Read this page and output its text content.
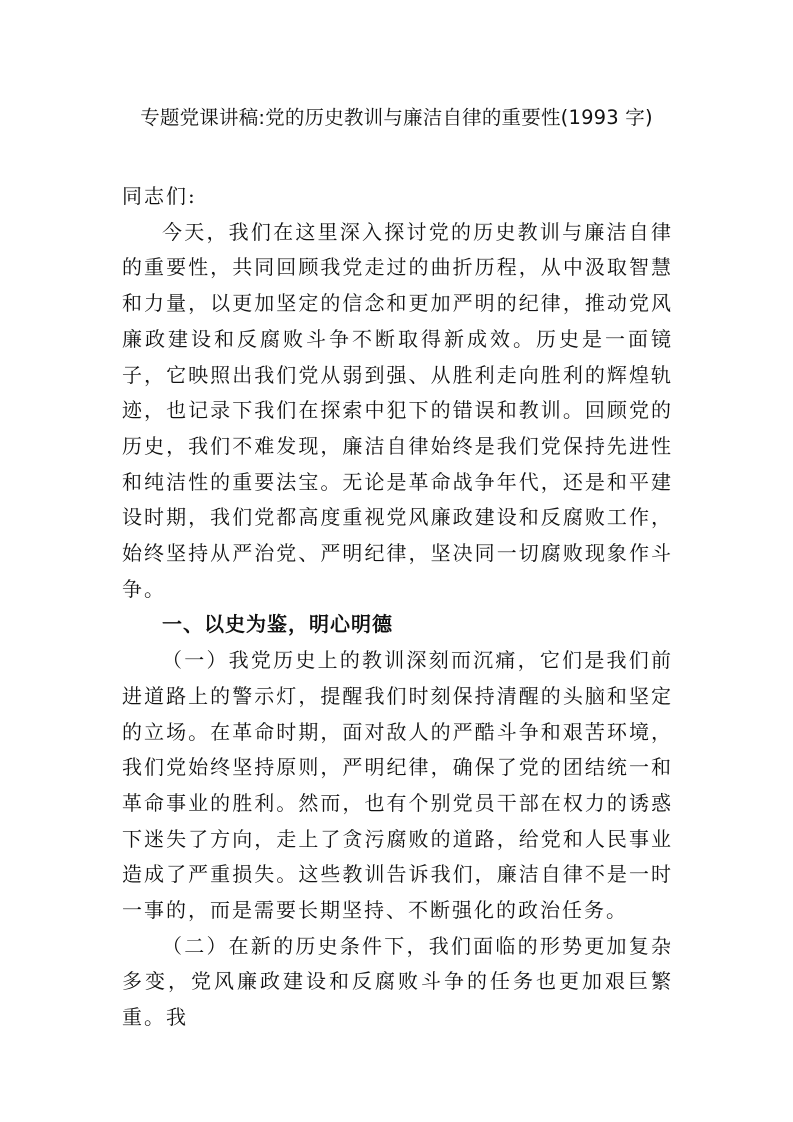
专题党课讲稿:党的历史教训与廉洁自律的重要性(1993 字)

同志们:

今天，我们在这里深入探讨党的历史教训与廉洁自律的重要性，共同回顾我党走过的曲折历程，从中汲取智慧和力量，以更加坚定的信念和更加严明的纪律，推动党风廉政建设和反腐败斗争不断取得新成效。历史是一面镜子，它映照出我们党从弱到强、从胜利走向胜利的辉煌轨迹，也记录下我们在探索中犯下的错误和教训。回顾党的历史，我们不难发现，廉洁自律始终是我们党保持先进性和纯洁性的重要法宝。无论是革命战争年代，还是和平建设时期，我们党都高度重视党风廉政建设和反腐败工作，始终坚持从严治党、严明纪律，坚决同一切腐败现象作斗争。

一、以史为鉴，明心明德

（一）我党历史上的教训深刻而沉痛，它们是我们前进道路上的警示灯，提醒我们时刻保持清醒的头脑和坚定的立场。在革命时期，面对敌人的严酷斗争和艰苦环境，我们党始终坚持原则，严明纪律，确保了党的团结统一和革命事业的胜利。然而，也有个别党员干部在权力的诱惑下迷失了方向，走上了贪污腐败的道路，给党和人民事业造成了严重损失。这些教训告诉我们，廉洁自律不是一时一事的，而是需要长期坚持、不断强化的政治任务。

（二）在新的历史条件下，我们面临的形势更加复杂多变，党风廉政建设和反腐败斗争的任务也更加艰巨繁重。我
